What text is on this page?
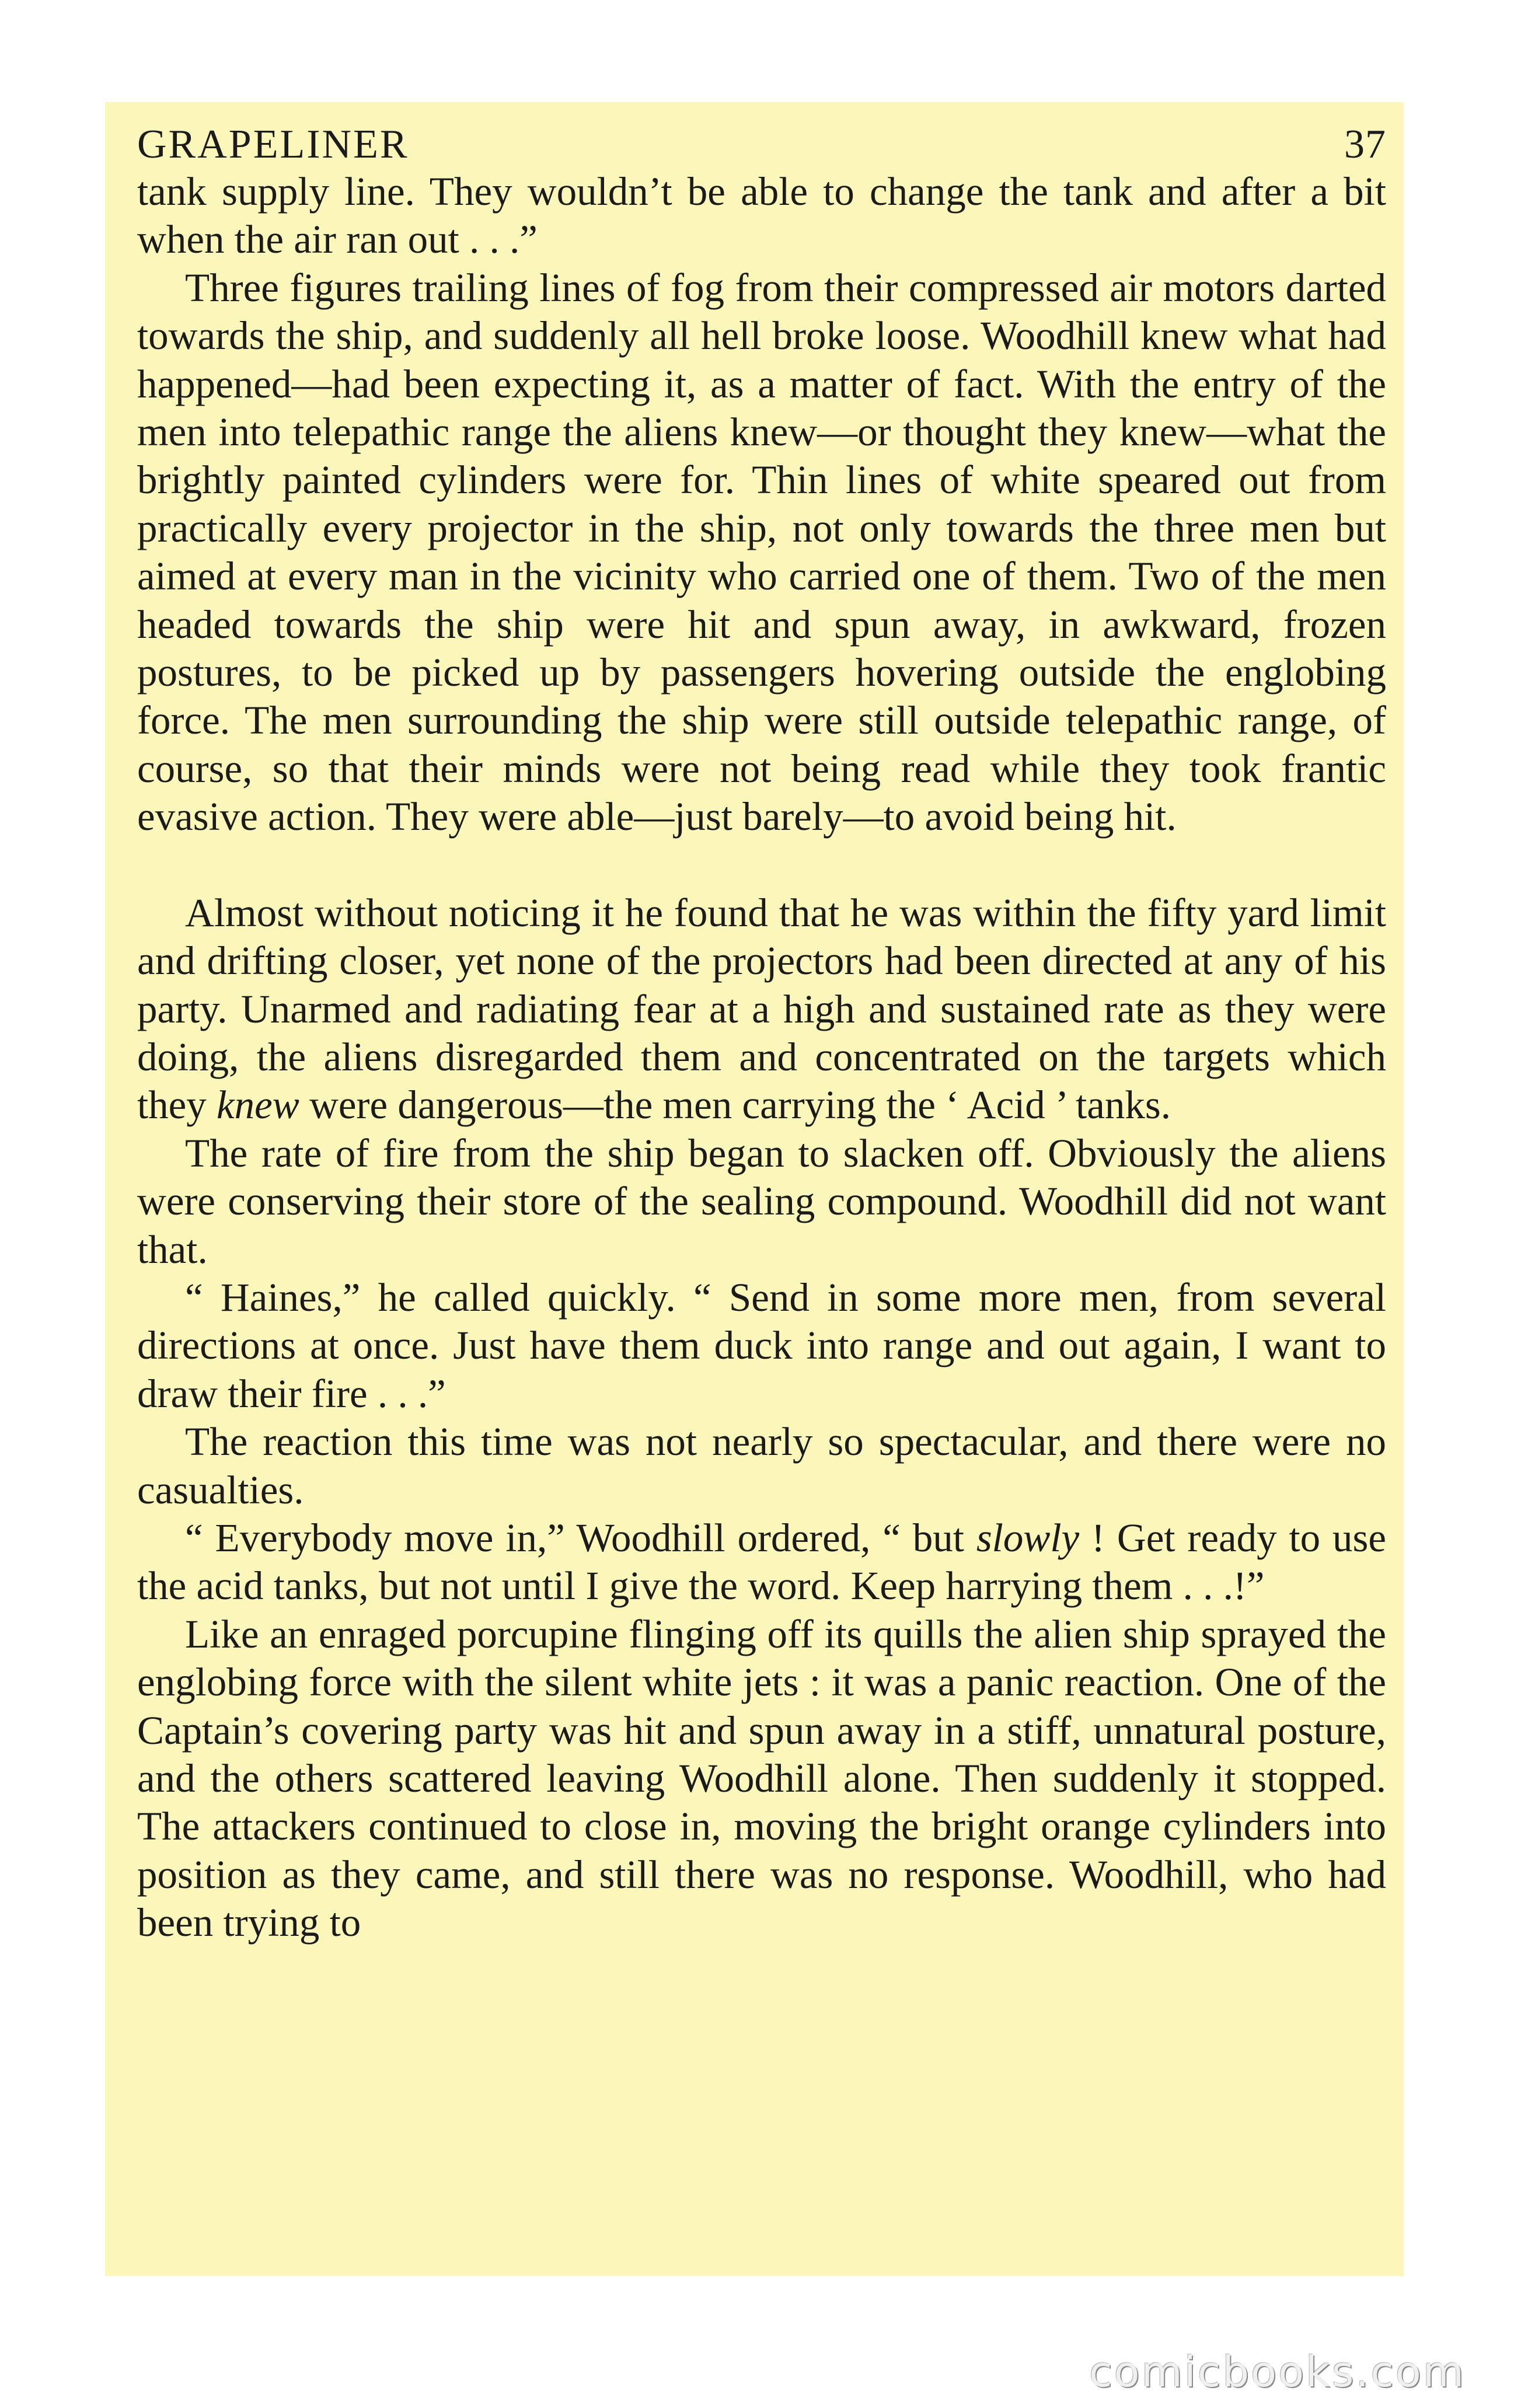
GRAPELINER	37

tank supply line. They wouldn’t be able to change the tank and after a bit when the air ran out . . .”

Three figures trailing lines of fog from their compressed air motors darted towards the ship, and suddenly all hell broke loose. Woodhill knew what had happened—had been expecting it, as a matter of fact. With the entry of the men into telepathic range the aliens knew—or thought they knew—what the brightly painted cylinders were for. Thin lines of white speared out from practically every projector in the ship, not only towards the three men but aimed at every man in the vicinity who carried one of them. Two of the men headed towards the ship were hit and spun away, in awkward, frozen postures, to be picked up by passengers hovering outside the englobing force. The men surrounding the ship were still outside telepathic range, of course, so that their minds were not being read while they took frantic evasive action. They were able—just barely—to avoid being hit.

Almost without noticing it he found that he was within the fifty yard limit and drifting closer, yet none of the projectors had been directed at any of his party. Unarmed and radiating fear at a high and sustained rate as they were doing, the aliens disregarded them and concentrated on the targets which they knew were dangerous—the men carrying the ‘ Acid ’ tanks.

The rate of fire from the ship began to slacken off. Obviously the aliens were conserving their store of the sealing compound. Woodhill did not want that.

“ Haines,” he called quickly. “ Send in some more men, from several directions at once. Just have them duck into range and out again, I want to draw their fire . . .”

The reaction this time was not nearly so spectacular, and there were no casualties.

“ Everybody move in,” Woodhill ordered, “ but slowly ! Get ready to use the acid tanks, but not until I give the word. Keep harrying them . . .!”

Like an enraged porcupine flinging off its quills the alien ship sprayed the englobing force with the silent white jets : it was a panic reaction. One of the Captain’s covering party was hit and spun away in a stiff, unnatural posture, and the others scattered leaving Woodhill alone. Then suddenly it stopped. The attackers continued to close in, moving the bright orange cylinders into position as they came, and still there was no response. Woodhill, who had been trying to

comicbooks.com
